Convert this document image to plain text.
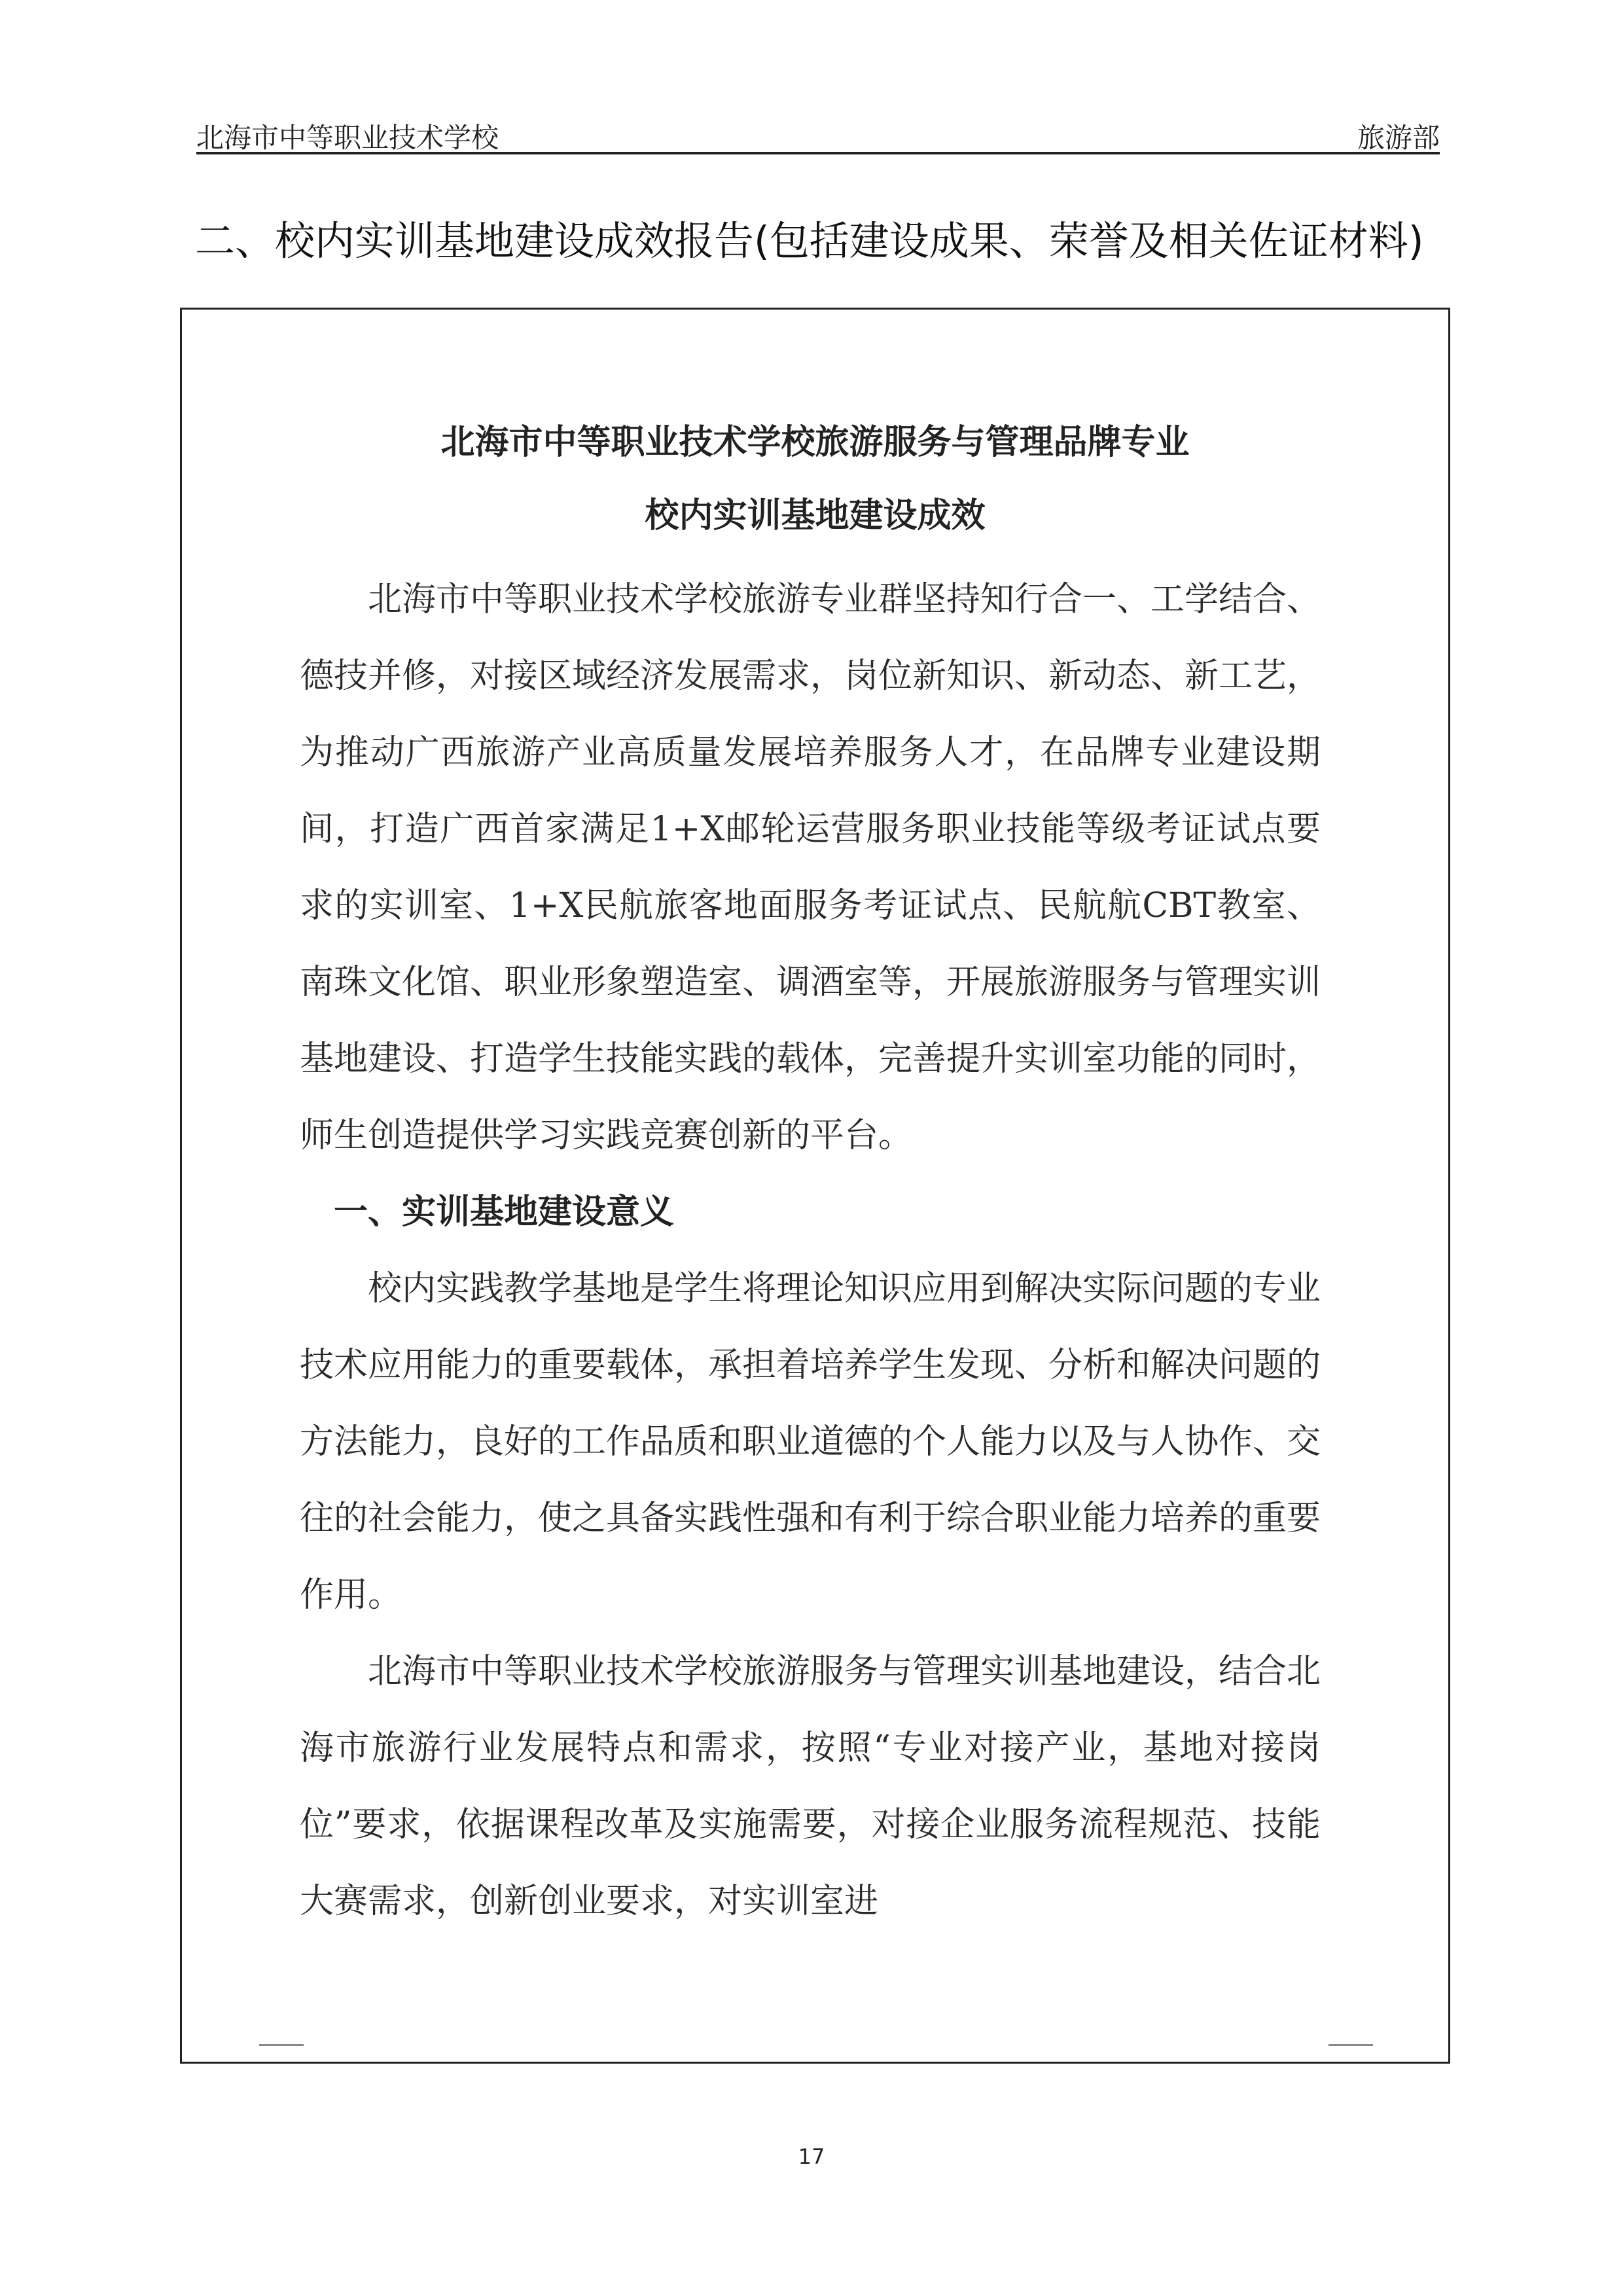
北海市中等职业技术学校	旅游部
二、校内实训基地建设成效报告(包括建设成果、荣誉及相关佐证材料)
北海市中等职业技术学校旅游服务与管理品牌专业
校内实训基地建设成效

北海市中等职业技术学校旅游专业群坚持知行合一、工学结合、德技并修，对接区域经济发展需求，岗位新知识、新动态、新工艺，为推动广西旅游产业高质量发展培养服务人才，在品牌专业建设期间，打造广西首家满足1+X邮轮运营服务职业技能等级考证试点要求的实训室、1+X民航旅客地面服务考证试点、民航航CBT教室、南珠文化馆、职业形象塑造室、调酒室等，开展旅游服务与管理实训基地建设、打造学生技能实践的载体，完善提升实训室功能的同时，师生创造提供学习实践竞赛创新的平台。

一、实训基地建设意义

校内实践教学基地是学生将理论知识应用到解决实际问题的专业技术应用能力的重要载体，承担着培养学生发现、分析和解决问题的方法能力，良好的工作品质和职业道德的个人能力以及与人协作、交往的社会能力，使之具备实践性强和有利于综合职业能力培养的重要作用。

北海市中等职业技术学校旅游服务与管理实训基地建设，结合北海市旅游行业发展特点和需求，按照“专业对接产业，基地对接岗位”要求，依据课程改革及实施需要，对接企业服务流程规范、技能大赛需求，创新创业要求，对实训室进

17
